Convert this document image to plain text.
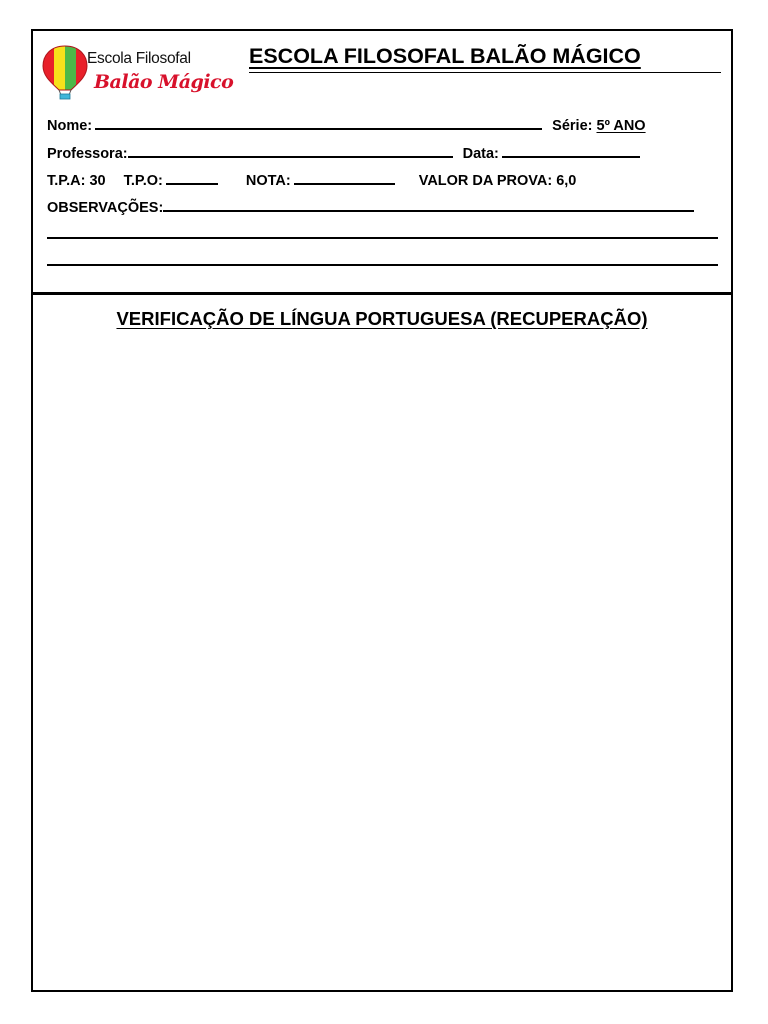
Escola Filosofal
Balão Mágico
ESCOLA FILOSOFAL BALÃO MÁGICO
Nome:	Série: 5º ANO
Professora:	Data:
T.P.A: 30 T.P.O:	NOTA:	VALOR DA PROVA: 6,0
OBSERVAÇÕES:
VERIFICAÇÃO DE LÍNGUA PORTUGUESA (RECUPERAÇÃO)
